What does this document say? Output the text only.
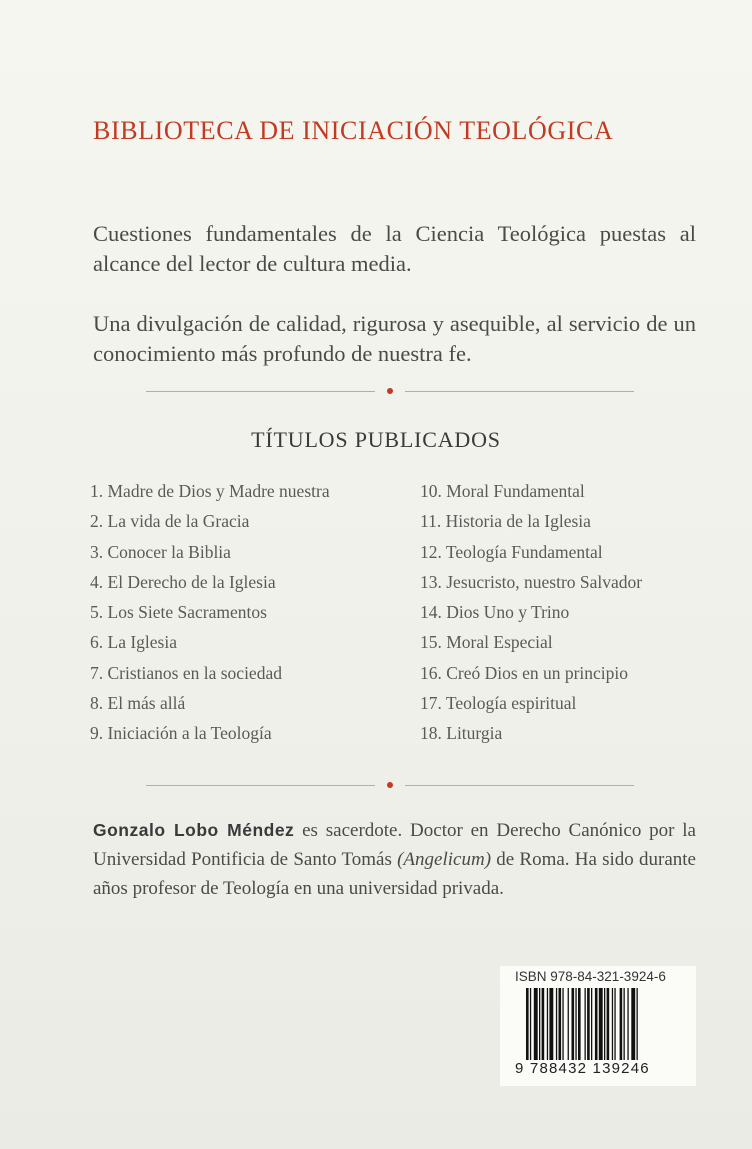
BIBLIOTECA DE INICIACIÓN TEOLÓGICA
Cuestiones fundamentales de la Ciencia Teológica puestas al alcance del lector de cultura media.
Una divulgación de calidad, rigurosa y asequible, al servicio de un conocimiento más profundo de nuestra fe.
TÍTULOS PUBLICADOS
1. Madre de Dios y Madre nuestra
2. La vida de la Gracia
3. Conocer la Biblia
4. El Derecho de la Iglesia
5. Los Siete Sacramentos
6. La Iglesia
7. Cristianos en la sociedad
8. El más allá
9. Iniciación a la Teología
10. Moral Fundamental
11. Historia de la Iglesia
12. Teología Fundamental
13. Jesucristo, nuestro Salvador
14. Dios Uno y Trino
15. Moral Especial
16. Creó Dios en un principio
17. Teología espiritual
18. Liturgia
Gonzalo Lobo Méndez es sacerdote. Doctor en Derecho Canónico por la Universidad Pontificia de Santo Tomás (Angelicum) de Roma. Ha sido durante años profesor de Teología en una universidad privada.
ISBN 978-84-321-3924-6
9 788432 139246
